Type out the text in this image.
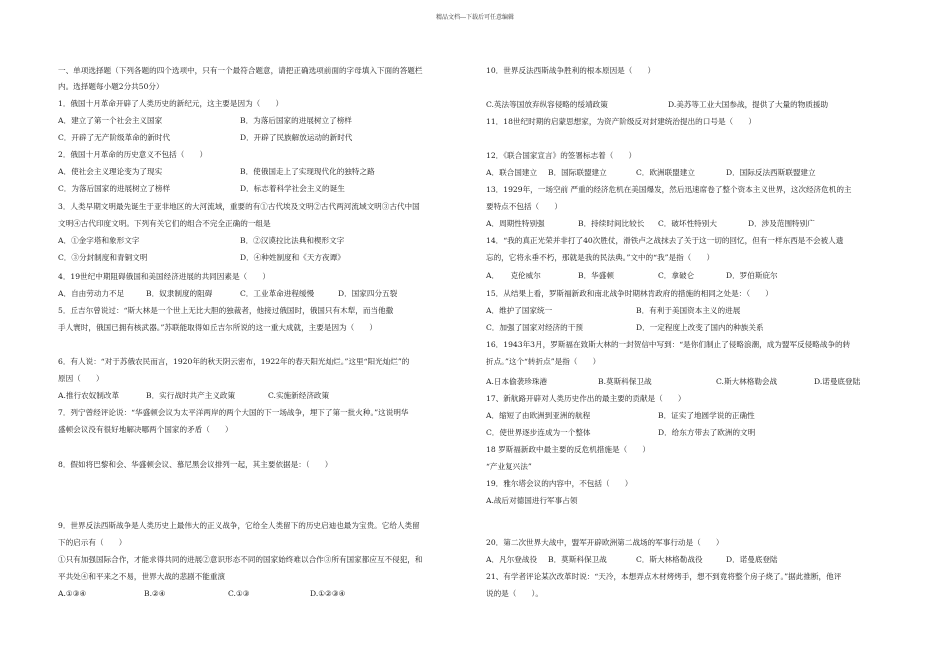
精品文档---下载后可任意编辑
一、单项选择题（下列各题的四个选项中，只有一个最符合题意，请把正确选项前面的字母填入下面的答题栏
内。选择题每小题2分共50分）
1．俄国十月革命开辟了人类历史的新纪元，这主要是因为（　　）
2．俄国十月革命的历史意义不包括（　　）
3．人类早期文明最先诞生于亚非地区的大河流域，重要的有①古代埃及文明②古代两河流域文明③古代中国
文明④古代印度文明。下列有关它们的组合不完全正确的一组是
4．19世纪中期阻碍俄国和美国经济进展的共同因素是（　　）
5．丘吉尔曾说过：“斯大林是一个世上无比大胆的独裁者，他接过俄国时，俄国只有木犁，而当他撒
手人寰时，俄国已拥有核武器。”苏联能取得如丘吉尔所说的这一重大成就，主要是因为（　　）
6．有人说：“对于苏俄农民而言，1920年的秋天阴云密布，1922年的春天阳光灿烂。”这里“阳光灿烂”的
原因（　　）
7．列宁曾经评论说：“华盛顿会议为太平洋两岸的两个大国的下一场战争，埋下了第一批火种。”这说明华
盛顿会议没有很好地解决哪两个国家的矛盾（　　）
8．假如将巴黎和会、华盛顿会议、慕尼黑会议排列一起，其主要依据是：（　　）
9．世界反法西斯战争是人类历史上最伟大的正义战争，它给全人类留下的历史启迪也最为宝贵。它给人类留
下的启示有（　　）
①只有加强国际合作，才能求得共同的进展②意识形态不同的国家始终难以合作③所有国家都应互不侵犯，和
平共处④和平来之不易，世界大战的悲剧不能重演
A．建立了第一个社会主义国家	B．为落后国家的进展树立了榜样
C．开辟了无产阶级革命的新时代	D．开辟了民族解放运动的新时代
A．使社会主义理论变为了现实	B．使俄国走上了实现现代化的独特之路
C．为落后国家的进展树立了榜样	D．标志着科学社会主义的诞生
A．①金字塔和象形文字	B．②汉谟拉比法典和楔形文字
C．③分封制度和青铜文明	D．④种姓制度和《天方夜谭》
A．自由劳动力不足	B．奴隶制度的阻碍	C．工业革命进程缓慢	D．国家四分五裂
A.推行农奴制改革	B．实行战时共产主义政策	C.实施新经济政策
A.①③④	B.②④	C.①③	D.①②③④
10．世界反法西斯战争胜利的根本原因是（　　）
11．18世纪时期的启蒙思想家，为资产阶级反对封建统治提出的口号是（　　）
12．《联合国家宣言》的签署标志着（　　）
13．1929年，一场空前 严重的经济危机在美国爆发，然后迅速席卷了整个资本主义世界，这次经济危机的主
要特点不包括（　　）
14．“我的真正光荣并非打了40次胜仗，滑铁卢之战抹去了关于这一切的回忆，但有一样东西是不会被人遗
忘的，它将永垂不朽，那就是我的民法典。”文中的“我”是指（　　）
15．从结果上看，罗斯福新政和南北战争时期林肯政府的措施的相同之处是：（　　）
16．1943年3月，罗斯福在致斯大林的一封贺信中写到：“是你们制止了侵略浪潮，成为盟军反侵略战争的转
折点。”这个“转折点”是指（　　）
17、新航路开辟对人类历史作出的最主要的贡献是（　　）
18 罗斯福新政中最主要的反危机措施是（　　）
“产业复兴法”
19．雅尔塔会议的内容中，不包括（　　）
A.战后对德国进行军事占领
20．第二次世界大战中，盟军开辟欧洲第二战场的军事行动是（　　）
21、有学者评论某次改革时说：“天冷，本想弄点木材烤烤手，想不到竟将整个房子烧了。”据此推断，他评
说的是（　　）。
C.英法等国放弃纵容侵略的绥靖政策	D.美苏等工业大国参战，提供了大量的物质援助
A．联合国建立 B．国际联盟建立	C．欧洲联盟建立	D．国际反法西斯联盟建立
A．周期性特别强	B．持续时间比较长 C．破坏性特别大	D．涉及范围特别广
A．　　克伦威尔	B．华盛顿	C．拿破仑	D．罗伯斯庇尔
A．维护了国家统一	B．有利于美国资本主义的进展
C．加强了国家对经济的干预	D．一定程度上改变了国内的种族关系
A.日本偷袭珍珠港	B.莫斯科保卫战	C.斯大林格勒会战	D.诺曼底登陆
A．缩短了由欧洲到亚洲的航程	B．证实了地圆学说的正确性
C．使世界逐步连成为一个整体	D．给东方带去了欧洲的文明
A．凡尔登战役 B．莫斯科保卫战	C．斯大林格勒战役	D．诺曼底登陆
